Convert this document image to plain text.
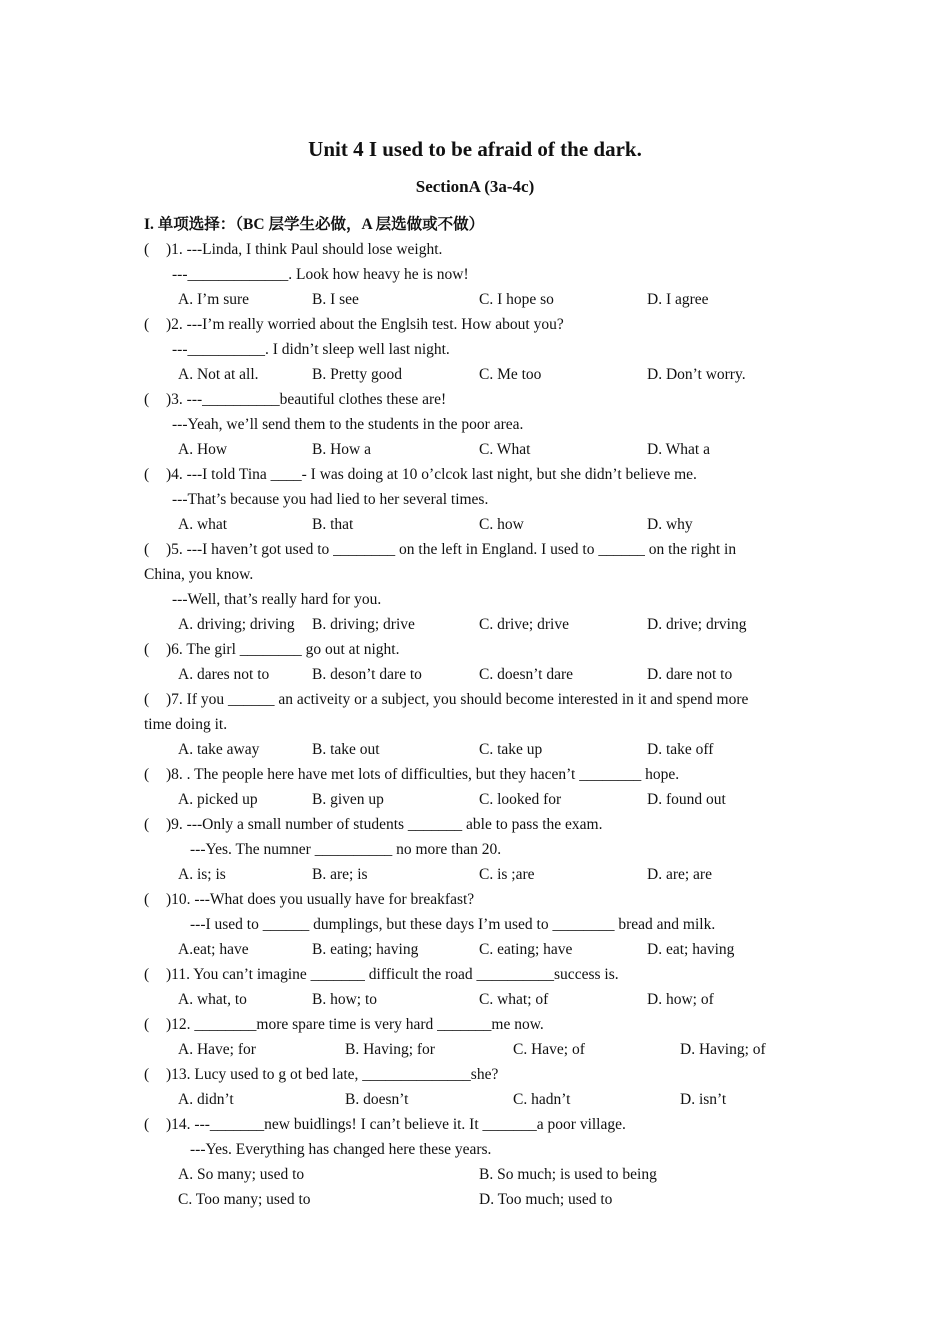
Unit 4 I used to be afraid of the dark.
SectionA (3a-4c)
I. 单项选择：（BC 层学生必做，A 层选做或不做）
( )1. ---Linda, I think Paul should lose weight.
---_____________. Look how heavy he is now!
A. I’m sure	B. I see	C. I hope so	D. I agree
( )2. ---I’m really worried about the Englsih test. How about you?
---__________. I didn’t sleep well last night.
A. Not at all.	B. Pretty good	C. Me too	D. Don’t worry.
( )3. ---__________beautiful clothes these are!
---Yeah, we’ll send them to the students in the poor area.
A. How	B. How a	C. What	D. What a
( )4. ---I told Tina ____- I was doing at 10 o’clcok last night, but she didn’t believe me.
---That’s because you had lied to her several times.
A. what	B. that	C. how	D. why
( )5. ---I haven’t got used to ________ on the left in England. I used to ______ on the right in
China, you know.
---Well, that’s really hard for you.
A. driving; driving B. driving; drive	C. drive; drive	D. drive; drving
( )6. The girl ________ go out at night.
A. dares not to	B. deson’t dare to	C. doesn’t dare	D. dare not to
( )7. If you ______ an activeity or a subject, you should become interested in it and spend more
time doing it.
A. take away	B. take out	C. take up	D. take off
( )8. . The people here have met lots of difficulties, but they hacen’t ________ hope.
A. picked up	B. given up	C. looked for	D. found out
( )9. ---Only a small number of students _______ able to pass the exam.
---Yes. The numner __________ no more than 20.
A. is; is	B. are; is	C. is ;are	D. are; are
( )10. ---What does you usually have for breakfast?
---I used to ______ dumplings, but these days I’m used to ________ bread and milk.
A.eat; have	B. eating; having	C. eating; have	D. eat; having
( )11. You can’t imagine _______ difficult the road __________success is.
A. what, to	B. how; to	C. what; of	D. how; of
( )12. ________more spare time is very hard _______me now.
A. Have; for	B. Having; for	C. Have; of	D. Having; of
( )13. Lucy used to g ot bed late, ______________she?
A. didn’t	B. doesn’t	C. hadn’t	D. isn’t
( )14. ---_______new buidlings! I can’t believe it. It _______a poor village.
---Yes. Everything has changed here these years.
A. So many; used to	B. So much; is used to being
C. Too many; used to	D. Too much; used to
